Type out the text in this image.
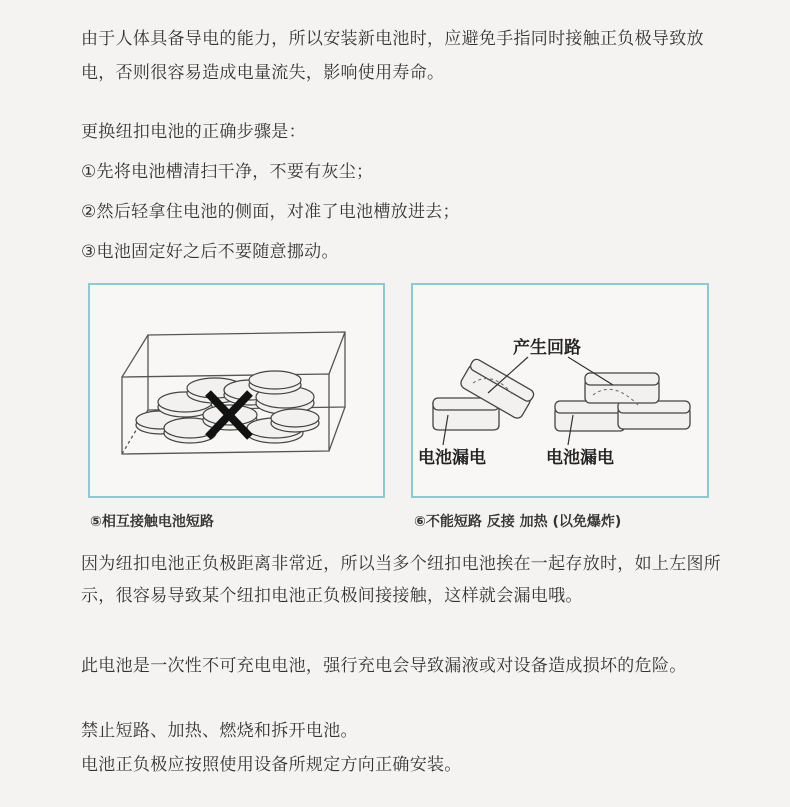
由于人体具备导电的能力，所以安装新电池时，应避免手指同时接触正负极导致放电，否则很容易造成电量流失，影响使用寿命。

更换纽扣电池的正确步骤是：

①先将电池槽清扫干净，不要有灰尘；

②然后轻拿住电池的侧面，对准了电池槽放进去；

③电池固定好之后不要随意挪动。

⑤相互接触电池短路
产生回路
电池漏电	电池漏电
⑥不能短路 反接 加热 (以免爆炸)

因为纽扣电池正负极距离非常近，所以当多个纽扣电池挨在一起存放时，如上左图所示，很容易导致某个纽扣电池正负极间接接触，这样就会漏电哦。

此电池是一次性不可充电电池，强行充电会导致漏液或对设备造成损坏的危险。

禁止短路、加热、燃烧和拆开电池。

电池正负极应按照使用设备所规定方向正确安装。
